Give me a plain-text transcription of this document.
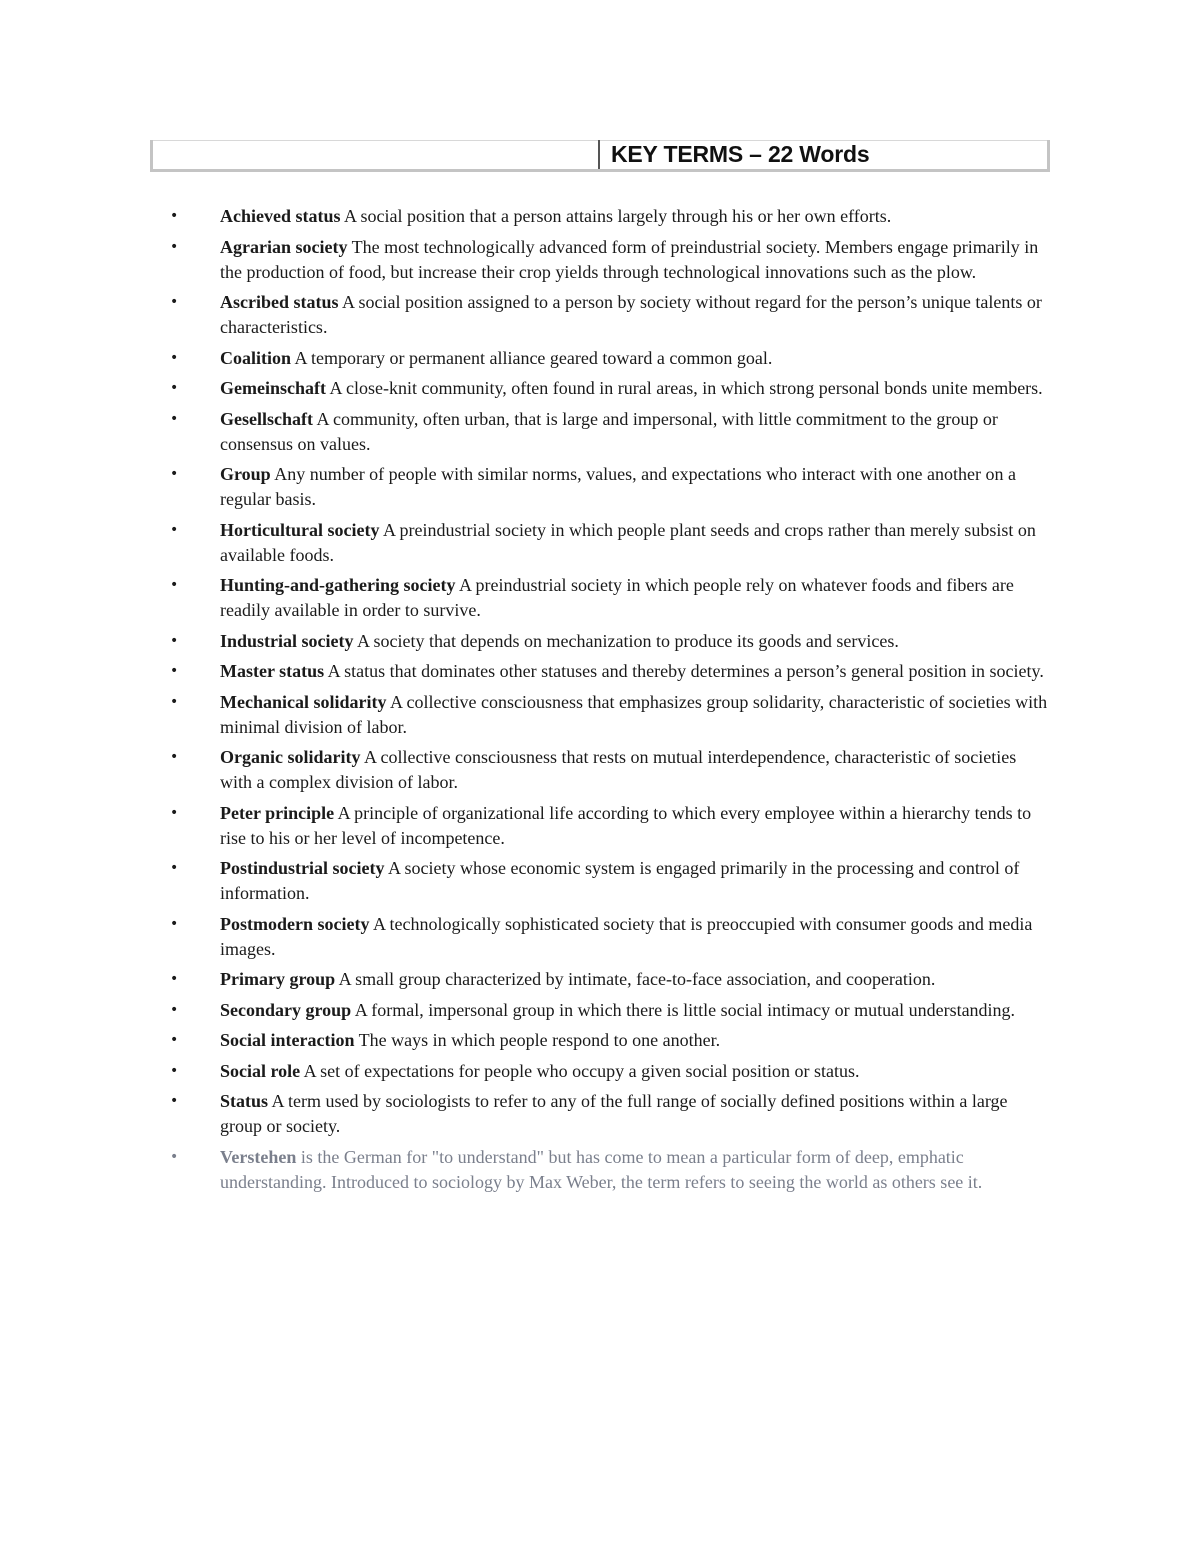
KEY TERMS – 22 Words
• Achieved status A social position that a person attains largely through his or her own efforts.
• Agrarian society The most technologically advanced form of preindustrial society. Members engage primarily in the production of food, but increase their crop yields through technological innovations such as the plow.
• Ascribed status A social position assigned to a person by society without regard for the person’s unique talents or characteristics.
• Coalition A temporary or permanent alliance geared toward a common goal.
• Gemeinschaft A close-knit community, often found in rural areas, in which strong personal bonds unite members.
• Gesellschaft A community, often urban, that is large and impersonal, with little commitment to the group or consensus on values.
• Group Any number of people with similar norms, values, and expectations who interact with one another on a regular basis.
• Horticultural society A preindustrial society in which people plant seeds and crops rather than merely subsist on available foods.
• Hunting-and-gathering society A preindustrial society in which people rely on whatever foods and fibers are readily available in order to survive.
• Industrial society A society that depends on mechanization to produce its goods and services.
• Master status A status that dominates other statuses and thereby determines a person’s general position in society.
• Mechanical solidarity A collective consciousness that emphasizes group solidarity, characteristic of societies with minimal division of labor.
• Organic solidarity A collective consciousness that rests on mutual interdependence, characteristic of societies with a complex division of labor.
• Peter principle A principle of organizational life according to which every employee within a hierarchy tends to rise to his or her level of incompetence.
• Postindustrial society A society whose economic system is engaged primarily in the processing and control of information.
• Postmodern society A technologically sophisticated society that is preoccupied with consumer goods and media images.
• Primary group A small group characterized by intimate, face-to-face association, and cooperation.
• Secondary group A formal, impersonal group in which there is little social intimacy or mutual understanding.
• Social interaction The ways in which people respond to one another.
• Social role A set of expectations for people who occupy a given social position or status.
• Status A term used by sociologists to refer to any of the full range of socially defined positions within a large group or society.
• Verstehen is the German for "to understand" but has come to mean a particular form of deep, emphatic understanding. Introduced to sociology by Max Weber, the term refers to seeing the world as others see it.
